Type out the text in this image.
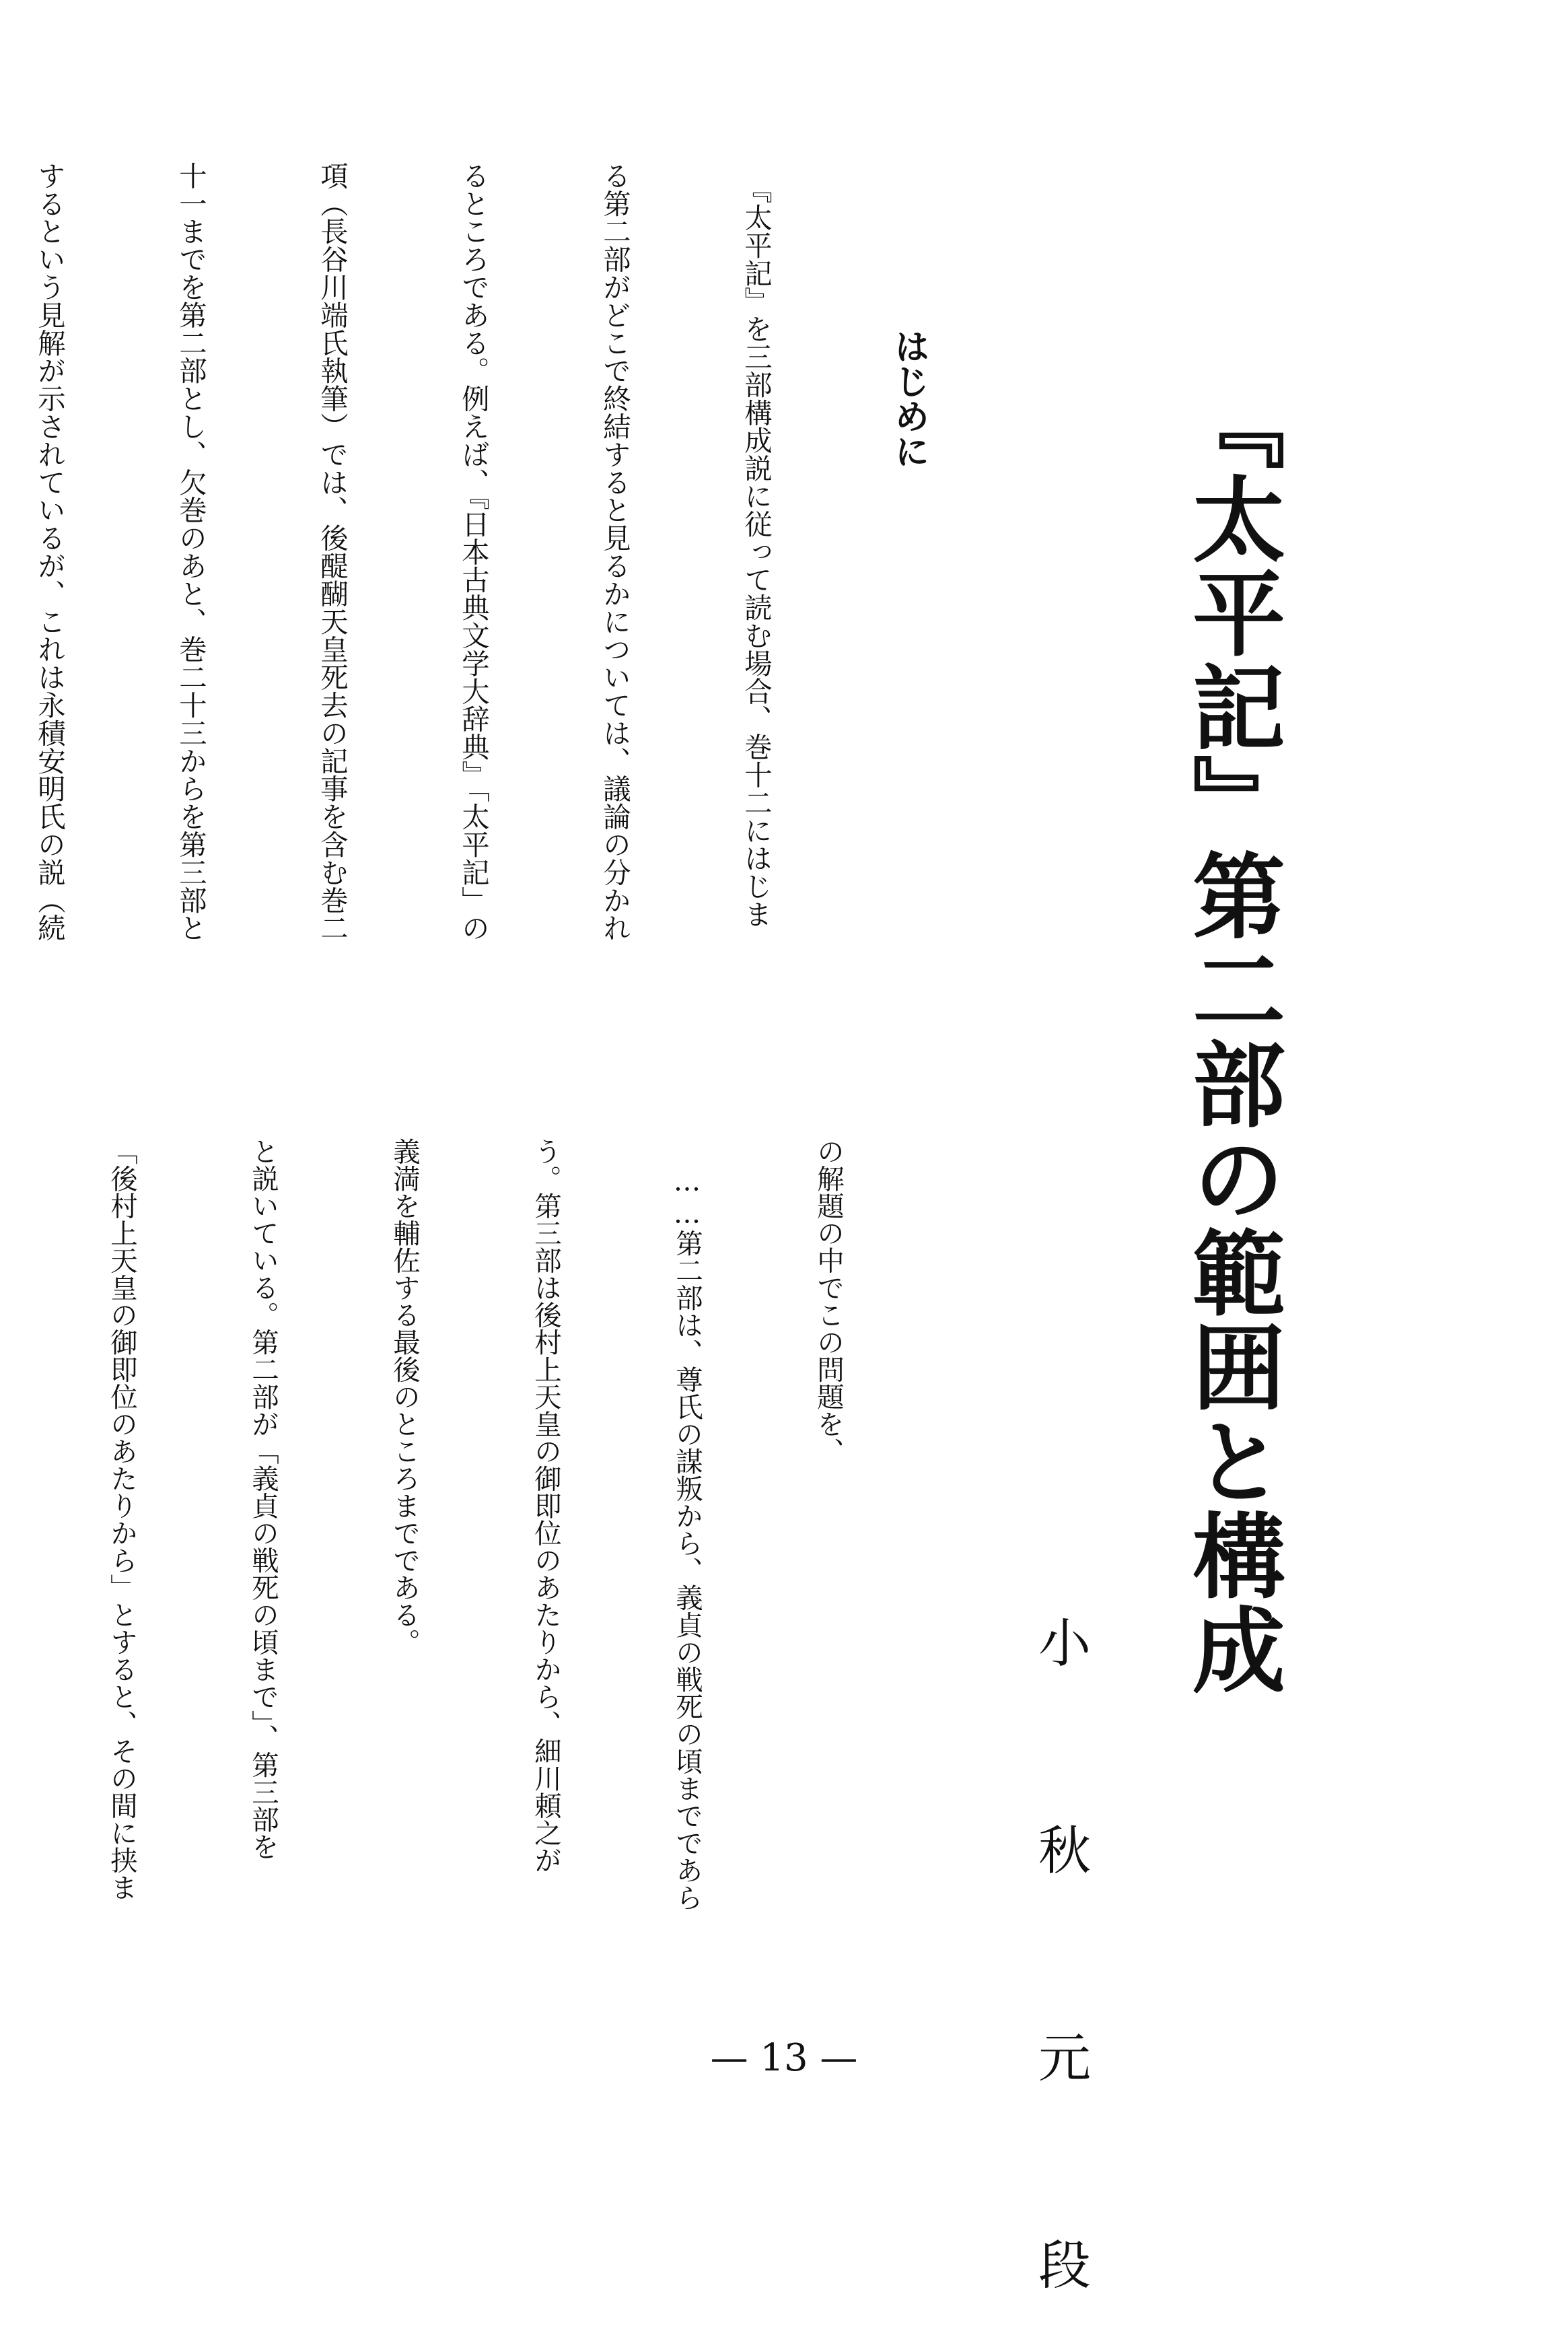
『太平記』第二部の範囲と構成
小 秋 元 段
はじめに

　『太平記』を三部構成説に従って読む場合、巻十二にはじま

る第二部がどこで終結すると見るかについては、議論の分かれ

るところである。例えば、『日本古典文学大辞典』「太平記」の

項（長谷川端氏執筆）では、後醍醐天皇死去の記事を含む巻二

十一までを第二部とし、欠巻のあと、巻二十三からを第三部と

するという見解が示されているが、これは永積安明氏の説（続

の解題の中でこの問題を、

　……第二部は、尊氏の謀叛から、義貞の戦死の頃までであら

う。第三部は後村上天皇の御即位のあたりから、細川頼之が

義満を輔佐する最後のところまでである。

と説いている。第二部が「義貞の戦死の頃まで」、第三部を

「後村上天皇の御即位のあたりから」とすると、その間に挟ま

— 13 —
